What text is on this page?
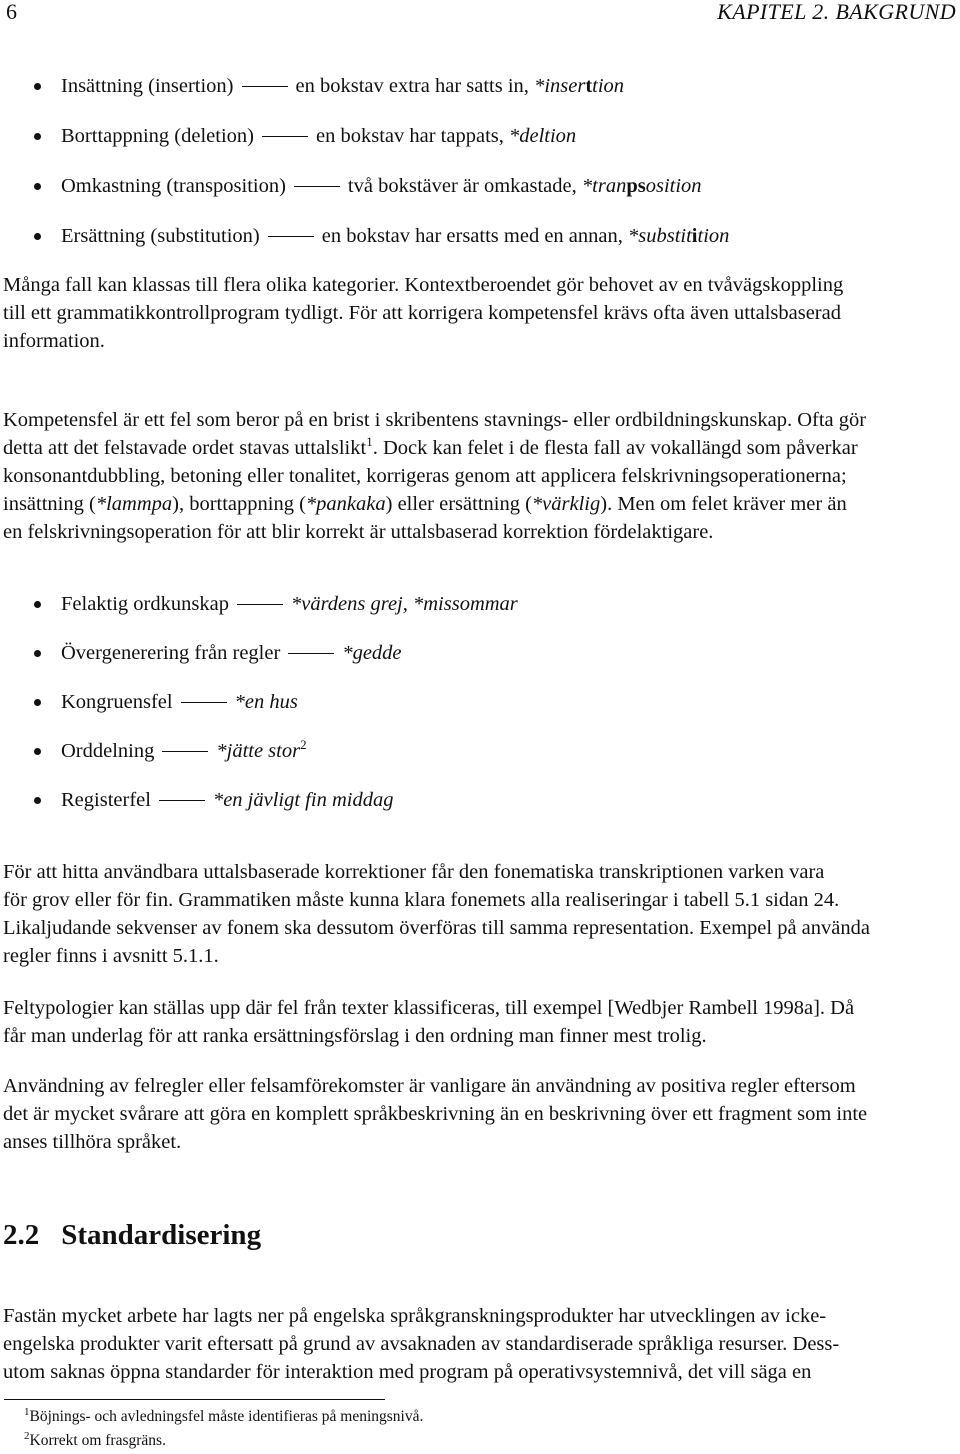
6	KAPITEL 2. BAKGRUND
Insättning (insertion)	en bokstav extra har satts in, *inserttion
Borttappning (deletion)	en bokstav har tappats, *deltion
Omkastning (transposition)	två bokstäver är omkastade, *tranpsosition
Ersättning (substitution)	en bokstav har ersatts med en annan, *substitition

Många fall kan klassas till flera olika kategorier. Kontextberoendet gör behovet av en tvåvägskoppling
till ett grammatikkontrollprogram tydligt. För att korrigera kompetensfel krävs ofta även uttalsbaserad
information.

Kompetensfel är ett fel som beror på en brist i skribentens stavnings- eller ordbildningskunskap. Ofta gör
detta att det felstavade ordet stavas uttalslikt$^1$. Dock kan felet i de flesta fall av vokallängd som påverkar
konsonantdubbling, betoning eller tonalitet, korrigeras genom att applicera felskrivningsoperationerna;
insättning (*lammpa), borttappning (*pankaka) eller ersättning (*värklig). Men om felet kräver mer än
en felskrivningsoperation för att blir korrekt är uttalsbaserad korrektion fördelaktigare.

Felaktig ordkunskap	*värdens grej, *missommar
Övergenerering från regler	*gedde
Kongruensfel	*en hus
Orddelning	*jätte stor$^2$
Registerfel	*en jävligt fin middag

För att hitta användbara uttalsbaserade korrektioner får den fonematiska transkriptionen varken vara
för grov eller för fin. Grammatiken måste kunna klara fonemets alla realiseringar i tabell 5.1 sidan 24.
Likaljudande sekvenser av fonem ska dessutom överföras till samma representation. Exempel på använda
regler finns i avsnitt 5.1.1.

Feltypologier kan ställas upp där fel från texter klassificeras, till exempel [Wedbjer Rambell 1998a]. Då
får man underlag för att ranka ersättningsförslag i den ordning man finner mest trolig.

Användning av felregler eller felsamförekomster är vanligare än användning av positiva regler eftersom
det är mycket svårare att göra en komplett språkbeskrivning än en beskrivning över ett fragment som inte
anses tillhöra språket.

2.2 Standardisering

Fastän mycket arbete har lagts ner på engelska språkgranskningsprodukter har utvecklingen av icke-
engelska produkter varit eftersatt på grund av avsaknaden av standardiserade språkliga resurser. Dess-
utom saknas öppna standarder för interaktion med program på operativsystemnivå, det vill säga en

$^1$Böjnings- och avledningsfel måste identifieras på meningsnivå.
$^2$Korrekt om frasgräns.
